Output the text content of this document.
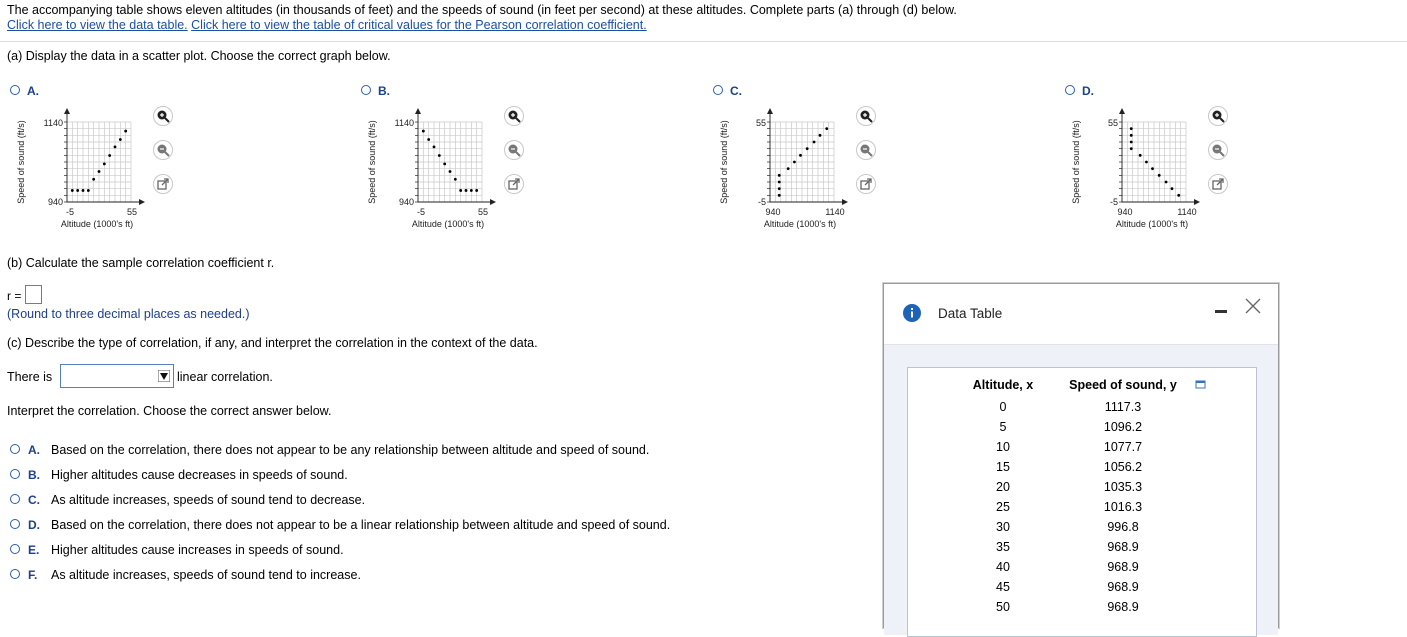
The accompanying table shows eleven altitudes (in thousands of feet) and the speeds of sound (in feet per second) at these altitudes. Complete parts (a) through (d) below.
Click here to view the data table. Click here to view the table of critical values for the Pearson correlation coefficient.
(a) Display the data in a scatter plot. Choose the correct graph below.
A.
1140
940
-5	55
Altitude (1000's ft)
Speed of sound (ft/s)
B.
1140
940
-5	55
Altitude (1000's ft)
Speed of sound (ft/s)
C.
55
-5
940	1140
Altitude (1000's ft)
Speed of sound (ft/s)
D.
55
-5
940	1140
Altitude (1000's ft)
Speed of sound (ft/s)
(b) Calculate the sample correlation coefficient r.
r =
(Round to three decimal places as needed.)
(c) Describe the type of correlation, if any, and interpret the correlation in the context of the data.
There is	linear correlation.
Interpret the correlation. Choose the correct answer below.
A. Based on the correlation, there does not appear to be any relationship between altitude and speed of sound.
B. Higher altitudes cause decreases in speeds of sound.
C. As altitude increases, speeds of sound tend to decrease.
D. Based on the correlation, there does not appear to be a linear relationship between altitude and speed of sound.
E. Higher altitudes cause increases in speeds of sound.
F. As altitude increases, speeds of sound tend to increase.
Data Table
Altitude, x	Speed of sound, y
0	1117.3
5	1096.2
10	1077.7
15	1056.2
20	1035.3
25	1016.3
30	996.8
35	968.9
40	968.9
45	968.9
50	968.9
